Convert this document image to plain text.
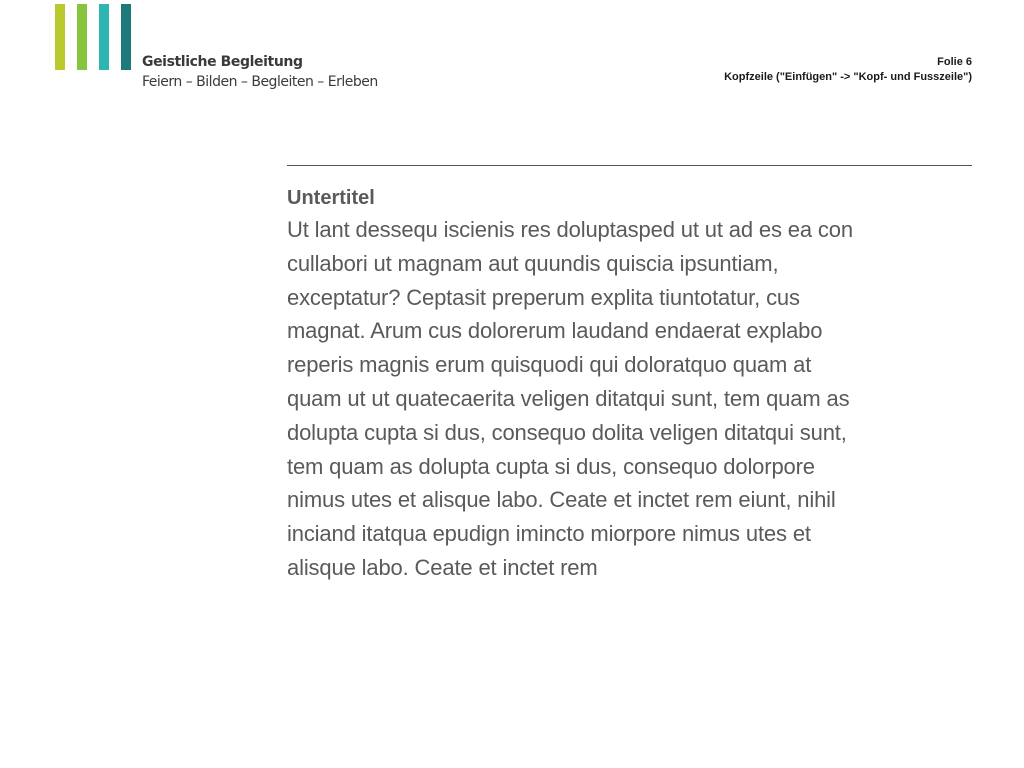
Geistliche Begleitung
Feiern – Bilden – Begleiten – Erleben
Folie 6
Kopfzeile ("Einfügen" -> "Kopf- und Fusszeile")

Untertitel

Ut lant dessequ iscienis res doluptasped ut ut ad es ea con
cullabori ut magnam aut quundis quiscia ipsuntiam,
exceptatur? Ceptasit preperum explita tiuntotatur, cus
magnat. Arum cus dolorerum laudand endaerat explabo
reperis magnis erum quisquodi qui doloratquo quam at
quam ut ut quatecaerita veligen ditatqui sunt, tem quam as
dolupta cupta si dus, consequo dolita veligen ditatqui sunt,
tem quam as dolupta cupta si dus, consequo dolorpore
nimus utes et alisque labo. Ceate et inctet rem eiunt, nihil
inciand itatqua epudign imincto miorpore nimus utes et
alisque labo. Ceate et inctet rem
